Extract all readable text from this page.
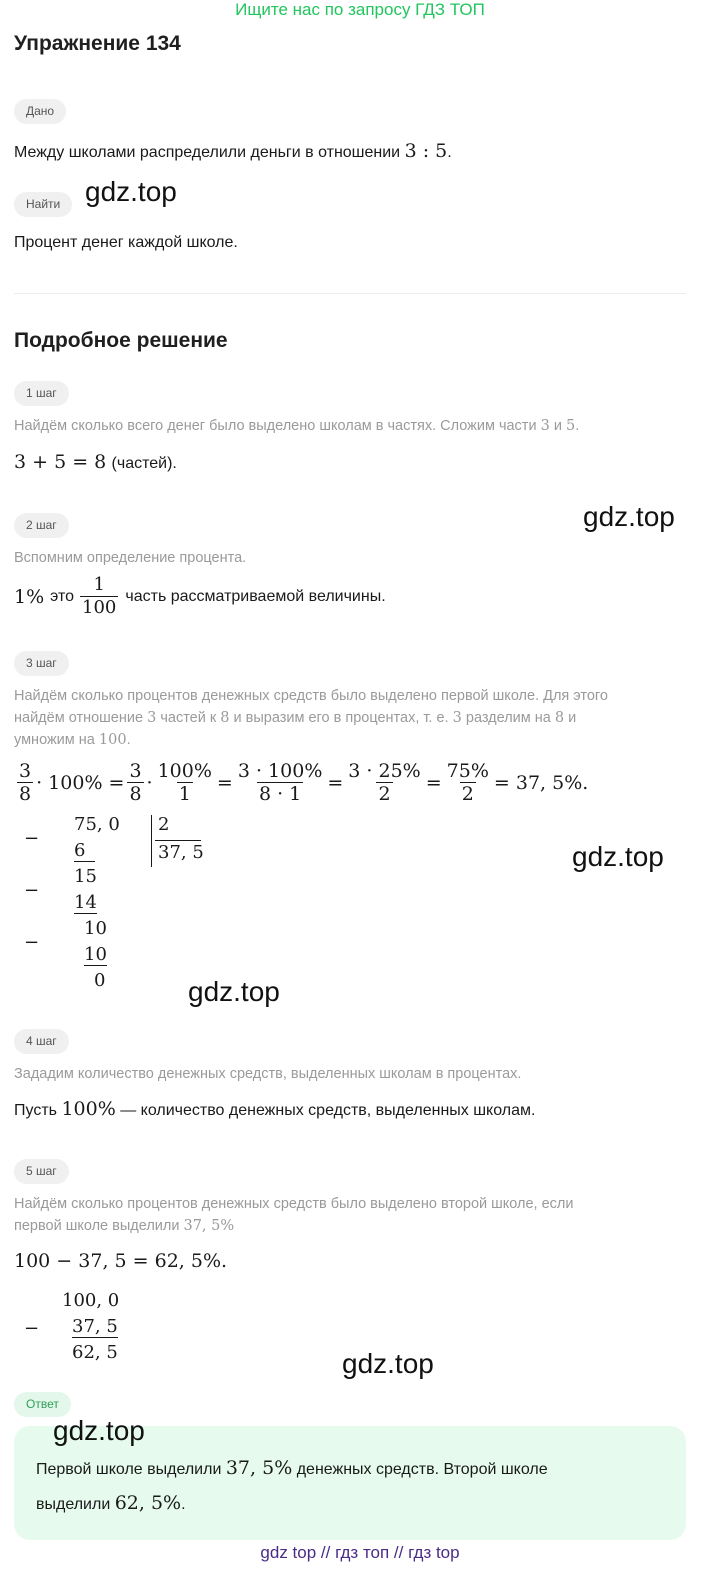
Ищите нас по запросу ГДЗ ТОП
Упражнение 134
Дано
Между школами распределили деньги в отношении 3 : 5.
Найти gdz.top
Процент денег каждой школе.
Подробное решение
1 шаг
Найдём сколько всего денег было выделено школам в частях. Сложим части 3 и 5.
3 + 5 = 8 (частей).
2 шаг	gdz.top
Вспомним определение процента.
1% это $\frac{1}{100}$ часть рассматриваемой величины.
3 шаг
Найдём сколько процентов денежных средств было выделено первой школе. Для этого
найдём отношение 3 частей к 8 и выразим его в процентах, т. е. 3 разделим на 8 и
умножим на 100.
$\frac{3}{8} \cdot 100\% = \frac{3}{8} \cdot \frac{100\%}{1} = \frac{3 \cdot 100\%}{8 \cdot 1} = \frac{3 \cdot 25\%}{2} = \frac{75\%}{2} = 37$, 5%.
−
−
−
75, 0 2
37, 5
6
15
14
10
10
0
gdz.top
gdz.top
4 шаг
Зададим количество денежных средств, выделенных школам в процентах.
Пусть 100% — количество денежных средств, выделенных школам.
5 шаг
Найдём сколько процентов денежных средств было выделено второй школе, если
первой школе выделили 37, 5%
100 − 37, 5 = 62, 5%.
−
100, 0
37, 5
62, 5	gdz.top
Ответ
gdz.top
Первой школе выделили 37, 5% денежных средств. Второй школе
выделили 62, 5%.
gdz top // гдз топ // гдз top
